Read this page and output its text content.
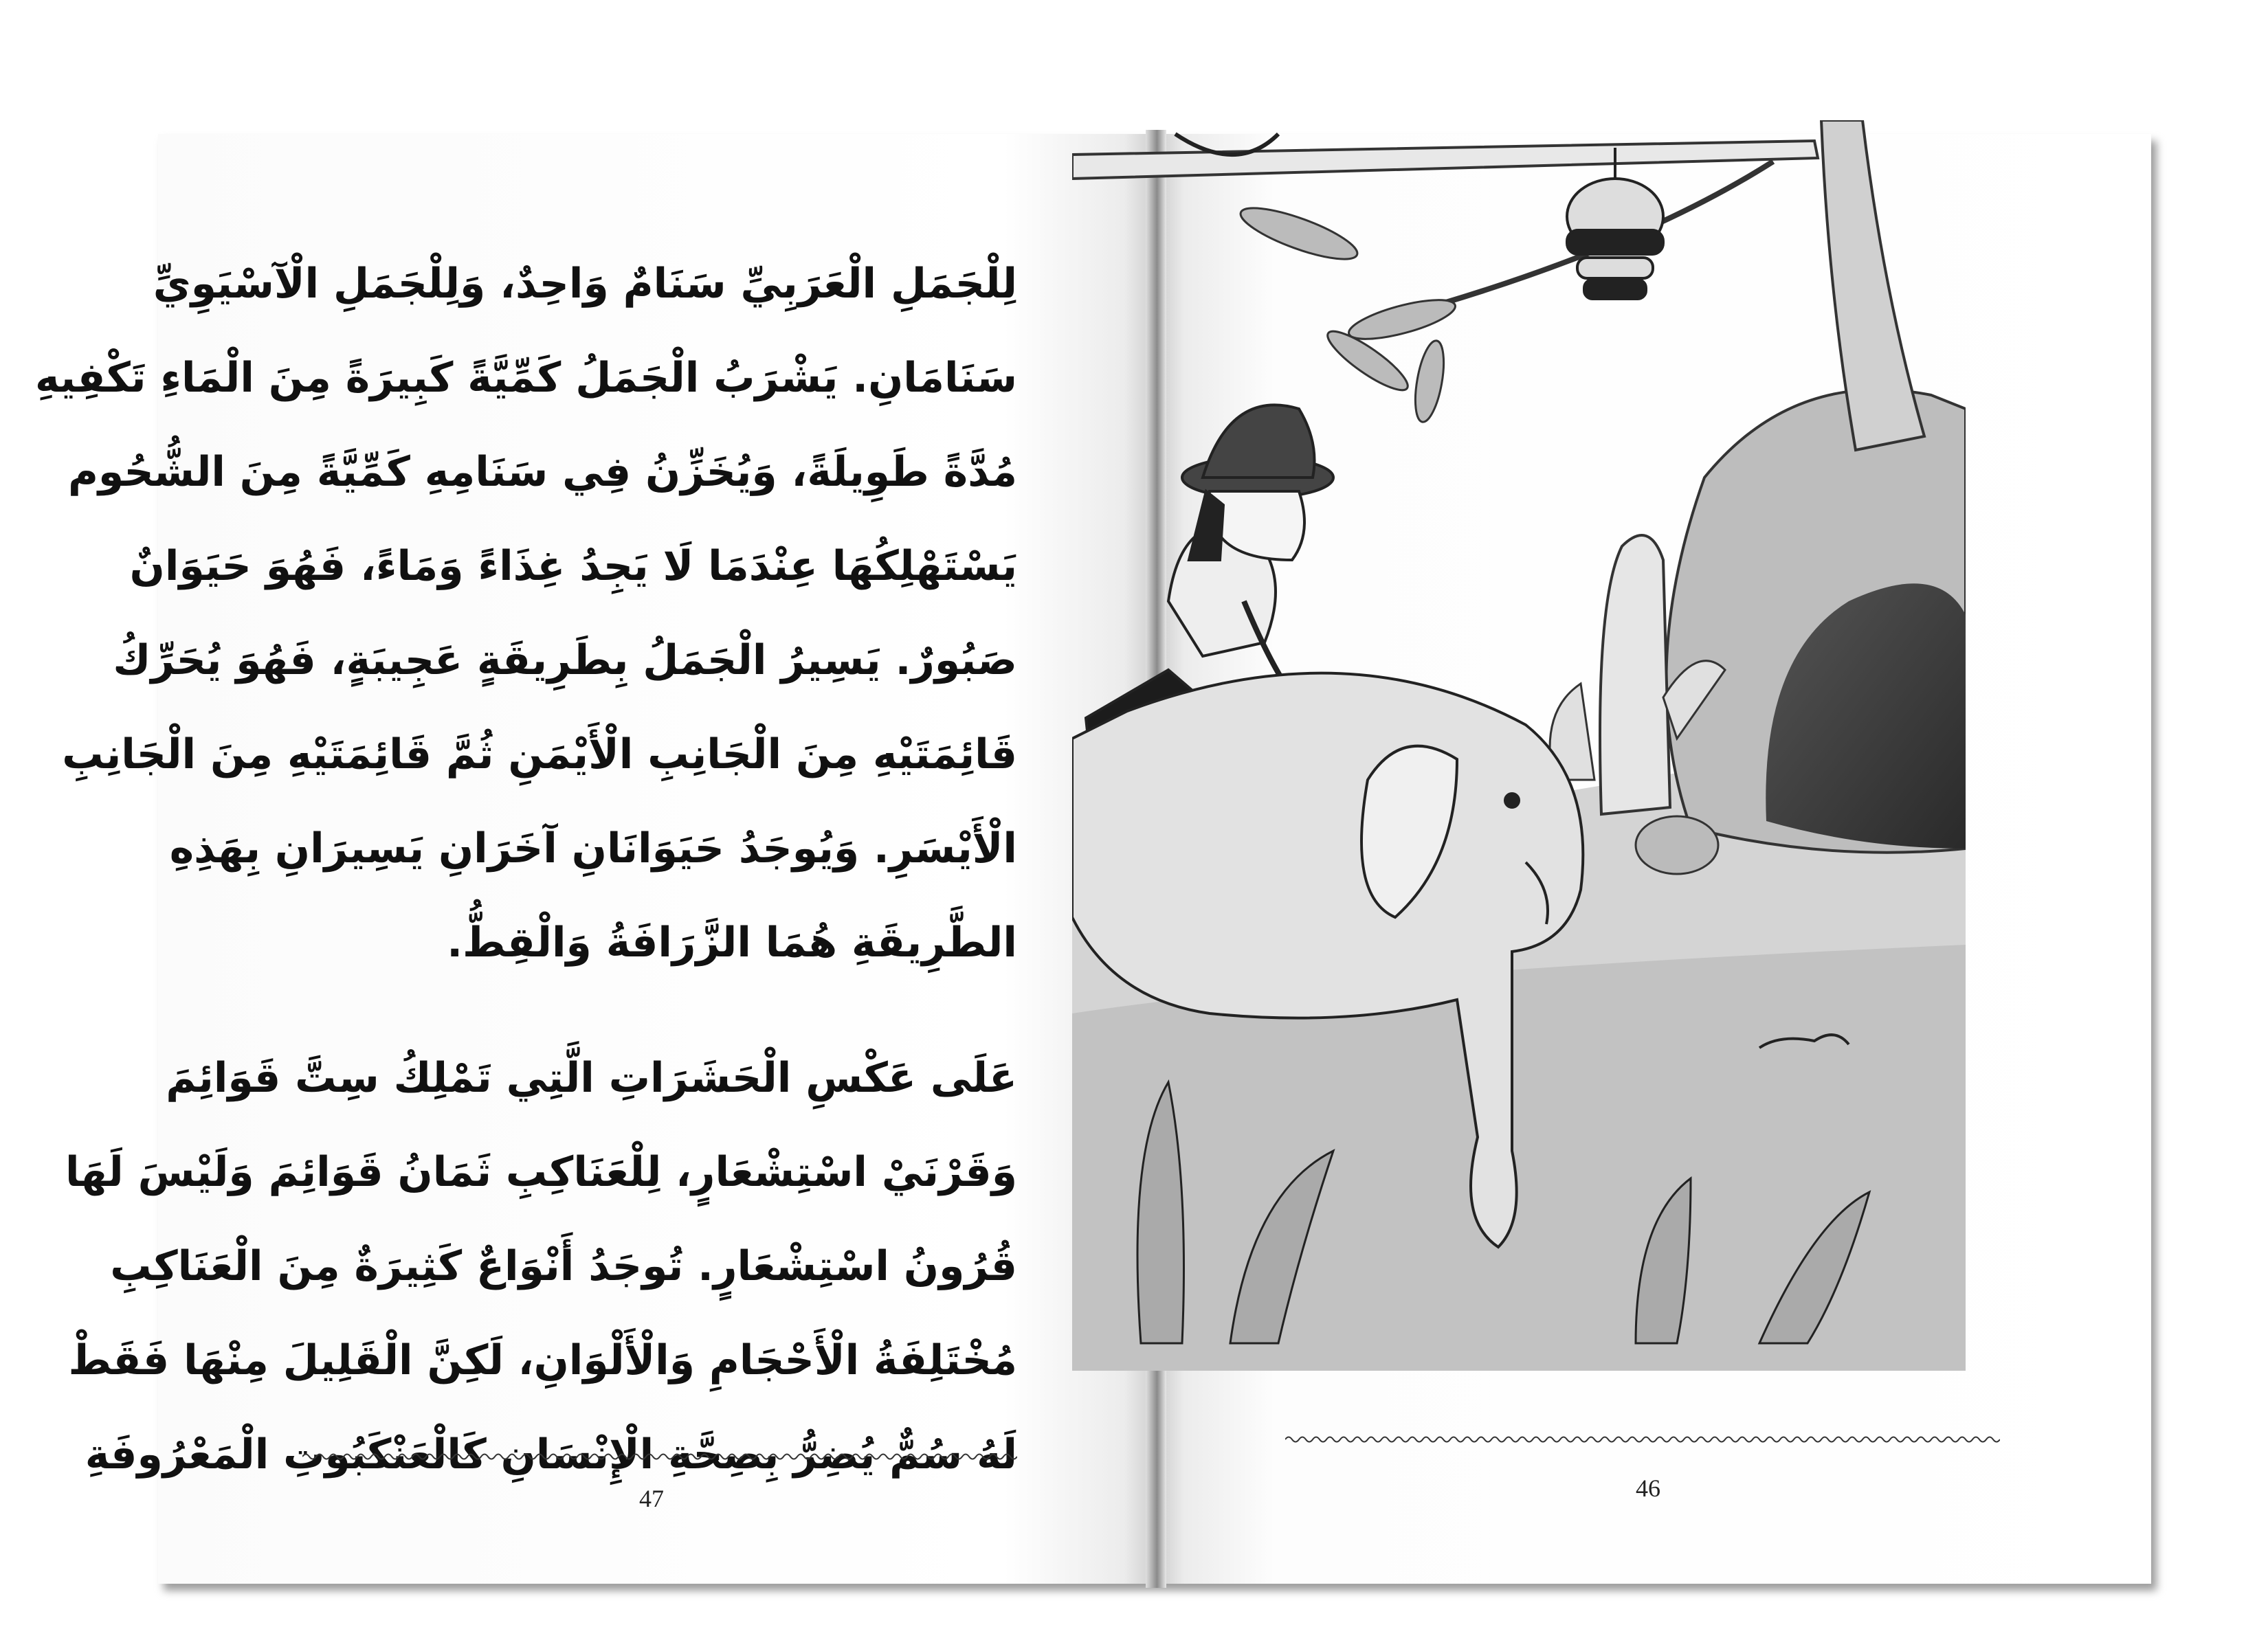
لِلْجَمَلِ الْعَرَبِيِّ سَنَامٌ وَاحِدٌ، وَلِلْجَمَلِ الْآسْيَوِيِّ
سَنَامَانِ. يَشْرَبُ الْجَمَلُ كَمِّيَّةً كَبِيرَةً مِنَ الْمَاءِ تَكْفِيهِ
مُدَّةً طَوِيلَةً، وَيُخَزِّنُ فِي سَنَامِهِ كَمِّيَّةً مِنَ الشُّحُوم
يَسْتَهْلِكُهَا عِنْدَمَا لَا يَجِدُ غِذَاءً وَمَاءً، فَهُوَ حَيَوَانٌ
صَبُورٌ. يَسِيرُ الْجَمَلُ بِطَرِيقَةٍ عَجِيبَةٍ، فَهُوَ يُحَرِّكُ
قَائِمَتَيْهِ مِنَ الْجَانِبِ الْأَيْمَنِ ثُمَّ قَائِمَتَيْهِ مِنَ الْجَانِبِ
الْأَيْسَرِ. وَيُوجَدُ حَيَوَانَانِ آخَرَانِ يَسِيرَانِ بِهَذِهِ
الطَّرِيقَةِ هُمَا الزَّرَافَةُ وَالْقِطُّ.
عَلَى عَكْسِ الْحَشَرَاتِ الَّتِي تَمْلِكُ سِتَّ قَوَائِمَ
وَقَرْنَيْ اسْتِشْعَارٍ، لِلْعَنَاكِبِ ثَمَانُ قَوَائِمَ وَلَيْسَ لَهَا
قُرُونُ اسْتِشْعَارٍ. تُوجَدُ أَنْوَاعٌ كَثِيرَةٌ مِنَ الْعَنَاكِبِ
مُخْتَلِفَةُ الْأَحْجَامِ وَالْأَلْوَانِ، لَكِنَّ الْقَلِيلَ مِنْهَا فَقَطْ
لَهُ سُمٌّ يُضِرُّ بِصِحَّةِ الْإِنْسَانِ كَالْعَنْكَبُوتِ الْمَعْرُوفَةِ
47	46
